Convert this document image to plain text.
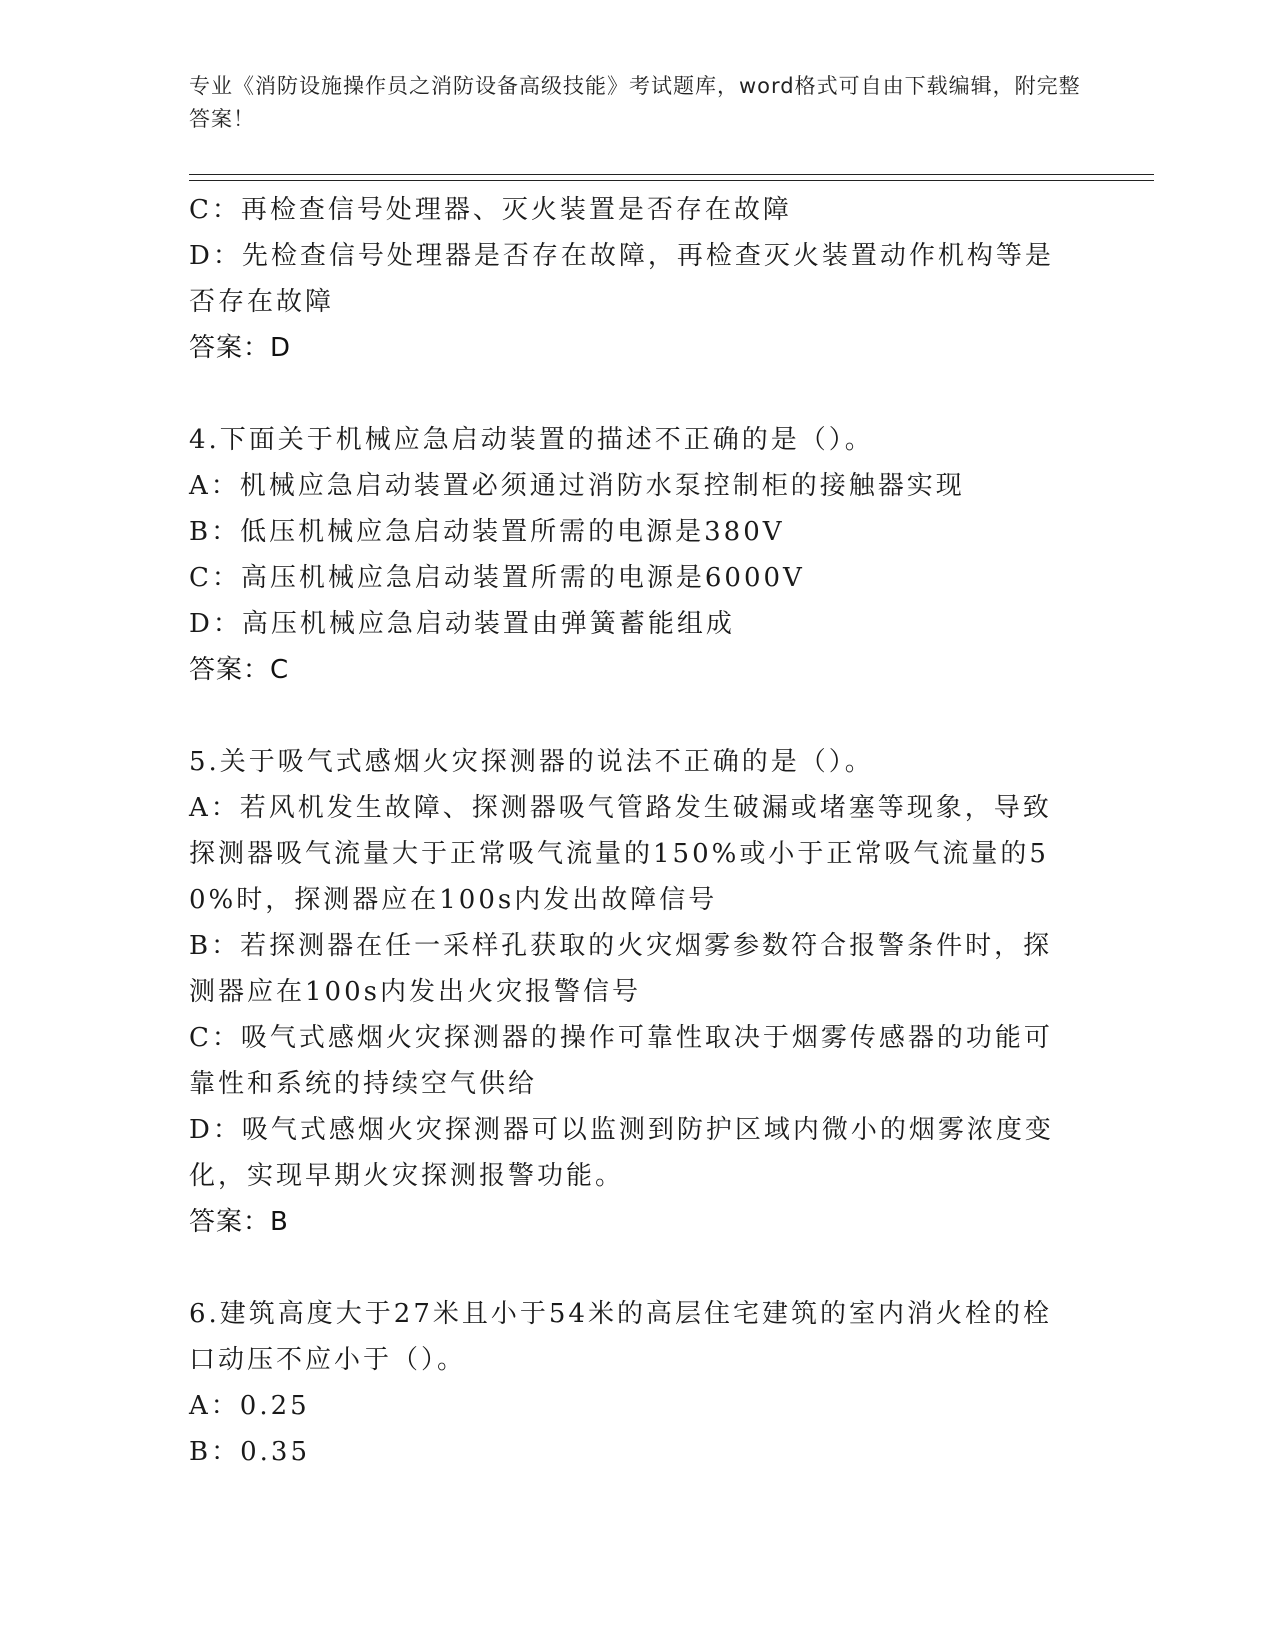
专业《消防设施操作员之消防设备高级技能》考试题库，word格式可自由下载编辑，附完整答案！

C：再检查信号处理器、灭火装置是否存在故障

D：先检查信号处理器是否存在故障，再检查灭火装置动作机构等是否存在故障

答案：D

4.下面关于机械应急启动装置的描述不正确的是（）。

A：机械应急启动装置必须通过消防水泵控制柜的接触器实现

B：低压机械应急启动装置所需的电源是380V

C：高压机械应急启动装置所需的电源是6000V

D：高压机械应急启动装置由弹簧蓄能组成

答案：C

5.关于吸气式感烟火灾探测器的说法不正确的是（）。

A：若风机发生故障、探测器吸气管路发生破漏或堵塞等现象，导致探测器吸气流量大于正常吸气流量的150%或小于正常吸气流量的50%时，探测器应在100s内发出故障信号

B：若探测器在任一采样孔获取的火灾烟雾参数符合报警条件时，探测器应在100s内发出火灾报警信号

C：吸气式感烟火灾探测器的操作可靠性取决于烟雾传感器的功能可靠性和系统的持续空气供给

D：吸气式感烟火灾探测器可以监测到防护区域内微小的烟雾浓度变化，实现早期火灾探测报警功能。

答案：B

6.建筑高度大于27米且小于54米的高层住宅建筑的室内消火栓的栓口动压不应小于（）。

A：0.25

B：0.35
